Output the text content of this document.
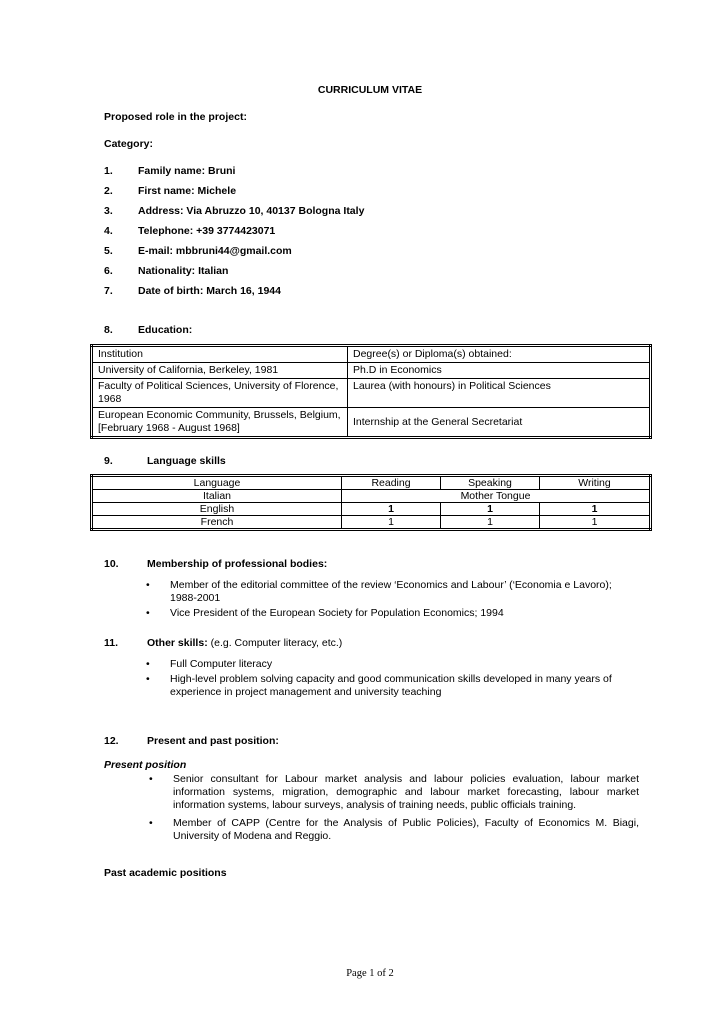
CURRICULUM VITAE
Proposed role in the project:
Category:
1. Family name: Bruni
2. First name: Michele
3. Address: Via Abruzzo 10, 40137 Bologna Italy
4. Telephone: +39 3774423071
5. E-mail: mbbruni44@gmail.com
6. Nationality: Italian
7. Date of birth: March 16, 1944
8. Education:
Institution	Degree(s) or Diploma(s) obtained:
University of California, Berkeley, 1981	Ph.D in Economics
Faculty of Political Sciences, University of Florence, 1968	Laurea (with honours) in Political Sciences
European Economic Community, Brussels, Belgium, [February 1968 - August 1968]	Internship at the General Secretariat
9.	Language skills
Language	Reading	Speaking	Writing
Italian	Mother Tongue		
English	1	1	1
French	1	1	1
10.	Membership of professional bodies:
• Member of the editorial committee of the review ‘Economics and Labour’ (‘Economia e Lavoro); 1988-2001
• Vice President of the European Society for Population Economics; 1994
11.	Other skills: (e.g. Computer literacy, etc.)
• Full Computer literacy
• High-level problem solving capacity and good communication skills developed in many years of experience in project management and university teaching
12.	Present and past position:
Present position
• Senior consultant for Labour market analysis and labour policies evaluation, labour market information systems, migration, demographic and labour market forecasting, labour market information systems, labour surveys, analysis of training needs, public officials training.
• Member of CAPP (Centre for the Analysis of Public Policies), Faculty of Economics M. Biagi, University of Modena and Reggio.
Past academic positions
Page 1 of 2
